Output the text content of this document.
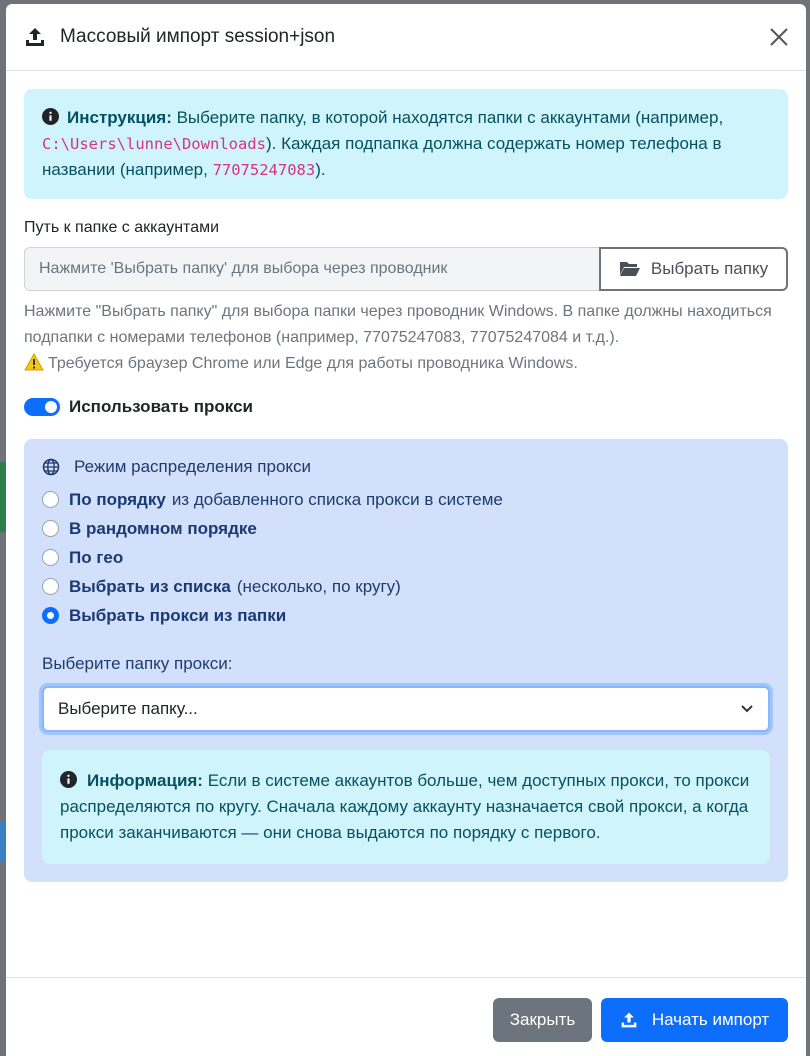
Массовый импорт session+json
Инструкция: Выберите папку, в которой находятся папки с аккаунтами (например, C:\Users\lunne\Downloads). Каждая подпапка должна содержать номер телефона в названии (например, 77075247083).
Путь к папке с аккаунтами
Нажмите 'Выбрать папку' для выбора через проводник
Выбрать папку
Нажмите "Выбрать папку" для выбора папки через проводник Windows. В папке должны находиться подпапки с номерами телефонов (например, 77075247083, 77075247084 и т.д.).
Требуется браузер Chrome или Edge для работы проводника Windows.
Использовать прокси
Режим распределения прокси
По порядку из добавленного списка прокси в системе
В рандомном порядке
По гео
Выбрать из списка (несколько, по кругу)
Выбрать прокси из папки
Выберите папку прокси:
Выберите папку...
Информация: Если в системе аккаунтов больше, чем доступных прокси, то прокси распределяются по кругу. Сначала каждому аккаунту назначается свой прокси, а когда прокси заканчиваются — они снова выдаются по порядку с первого.
Закрыть	Начать импорт
